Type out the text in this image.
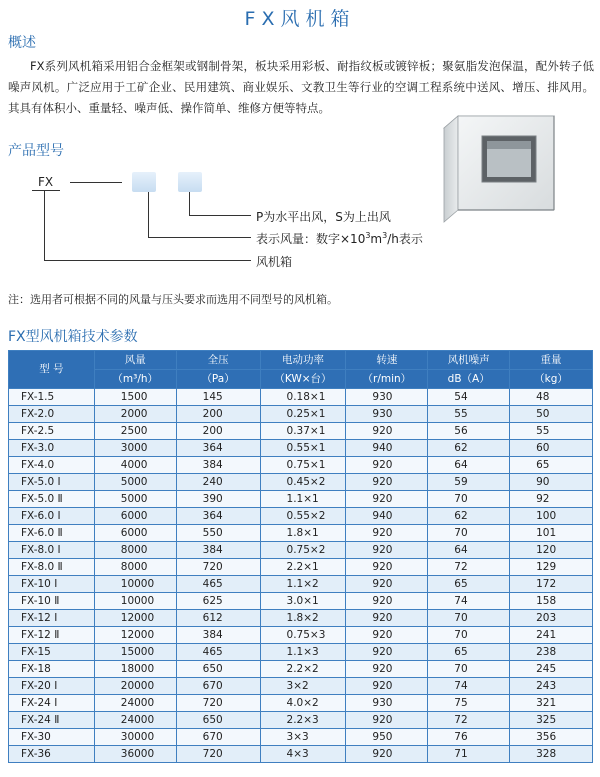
FX风机箱
概述
FX系列风机箱采用铝合金框架或钢制骨架，板块采用彩板、耐指纹板或镀锌板；聚氨脂发泡保温，配外转子低噪声风机。广泛应用于工矿企业、民用建筑、商业娱乐、文教卫生等行业的空调工程系统中送风、增压、排风用。其具有体积小、重量轻、噪声低、操作简单、维修方便等特点。
产品型号
FX
P为水平出风，S为上出风
表示风量：数字$\times 10^3m^3/h$表示
风机箱
注：选用者可根据不同的风量与压头要求而选用不同型号的风机箱。
FX型风机箱技术参数
型 号	风量	全压	电动功率	转速	风机噪声	重量
	（m³/h）	（Pa）	（KW×台）	（r/min）	dB（A）	（kg）
FX-1.5	1500	145	0.18×1	930	54	48
FX-2.0	2000	200	0.25×1	930	55	50
FX-2.5	2500	200	0.37×1	920	56	55
FX-3.0	3000	364	0.55×1	940	62	60
FX-4.0	4000	384	0.75×1	920	64	65
FX-5.0 Ⅰ	5000	240	0.45×2	920	59	90
FX-5.0 Ⅱ	5000	390	1.1×1	920	70	92
FX-6.0 Ⅰ	6000	364	0.55×2	940	62	100
FX-6.0 Ⅱ	6000	550	1.8×1	920	70	101
FX-8.0 Ⅰ	8000	384	0.75×2	920	64	120
FX-8.0 Ⅱ	8000	720	2.2×1	920	72	129
FX-10 Ⅰ	10000	465	1.1×2	920	65	172
FX-10 Ⅱ	10000	625	3.0×1	920	74	158
FX-12 Ⅰ	12000	612	1.8×2	920	70	203
FX-12 Ⅱ	12000	384	0.75×3	920	70	241
FX-15	15000	465	1.1×3	920	65	238
FX-18	18000	650	2.2×2	920	70	245
FX-20 Ⅰ	20000	670	3×2	920	74	243
FX-24 Ⅰ	24000	720	4.0×2	930	75	321
FX-24 Ⅱ	24000	650	2.2×3	920	72	325
FX-30	30000	670	3×3	950	76	356
FX-36	36000	720	4×3	920	71	328
